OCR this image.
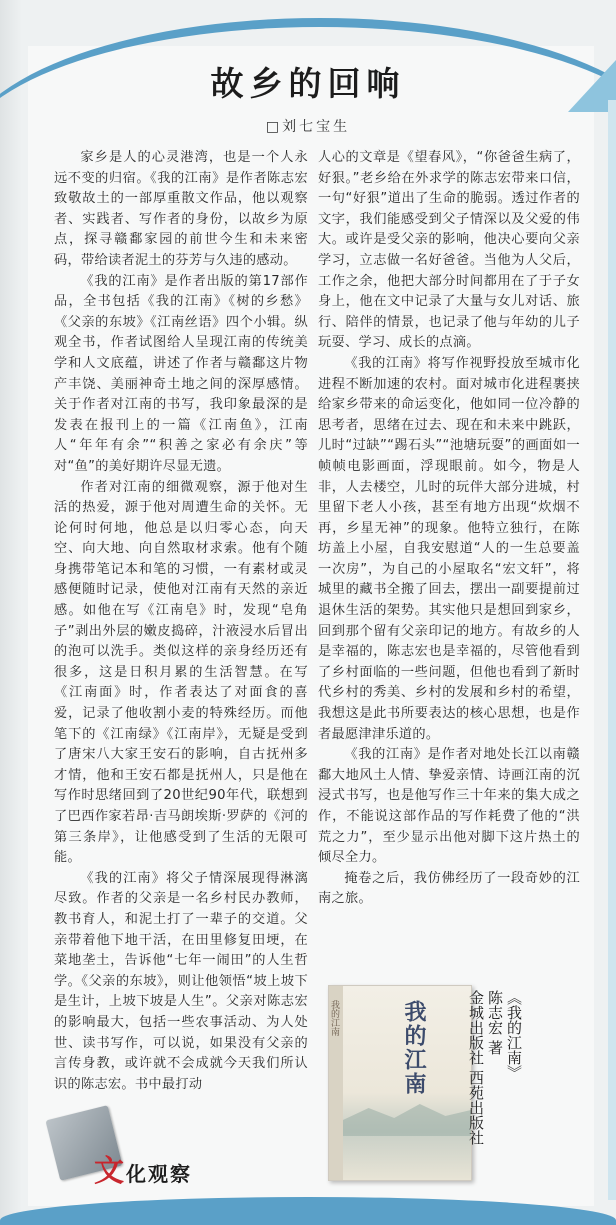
故乡的回响
□刘七宝生

家乡是人的心灵港湾，也是一个人永远不变的归宿。《我的江南》是作者陈志宏致敬故土的一部厚重散文作品，他以观察者、实践者、写作者的身份，以故乡为原点，探寻赣鄱家园的前世今生和未来密码，带给读者泥土的芬芳与久违的感动。

《我的江南》是作者出版的第17部作品，全书包括《我的江南》《树的乡愁》《父亲的东坡》《江南丝语》四个小辑。纵观全书，作者试图给人呈现江南的传统美学和人文底蕴，讲述了作者与赣鄱这片物产丰饶、美丽神奇土地之间的深厚感情。关于作者对江南的书写，我印象最深的是发表在报刊上的一篇《江南鱼》，江南人“年年有余”“积善之家必有余庆”等对“鱼”的美好期许尽显无遗。

作者对江南的细微观察，源于他对生活的热爱，源于他对周遭生命的关怀。无论何时何地，他总是以归零心态，向天空、向大地、向自然取材求索。他有个随身携带笔记本和笔的习惯，一有素材或灵感便随时记录，使他对江南有天然的亲近感。如他在写《江南皂》时，发现“皂角子”剥出外层的嫩皮捣碎，汁液浸水后冒出的泡可以洗手。类似这样的亲身经历还有很多，这是日积月累的生活智慧。在写《江南面》时，作者表达了对面食的喜爱，记录了他收割小麦的特殊经历。而他笔下的《江南绿》《江南岸》，无疑是受到了唐宋八大家王安石的影响，自古抚州多才情，他和王安石都是抚州人，只是他在写作时思绪回到了20世纪90年代，联想到了巴西作家若昂·吉马朗埃斯·罗萨的《河的第三条岸》，让他感受到了生活的无限可能。

《我的江南》将父子情深展现得淋漓尽致。作者的父亲是一名乡村民办教师，教书育人，和泥土打了一辈子的交道。父亲带着他下地干活，在田里修复田埂，在菜地垄土，告诉他“七年一闹田”的人生哲学。《父亲的东坡》，则让他领悟“坡上坡下是生计，上坡下坡是人生”。父亲对陈志宏的影响最大，包括一些农事活动、为人处世、读书写作，可以说，如果没有父亲的言传身教，或许就不会成就今天我们所认识的陈志宏。书中最打动

人心的文章是《望春风》，“你爸爸生病了，好狠。”老乡给在外求学的陈志宏带来口信，一句“好狠”道出了生命的脆弱。透过作者的文字，我们能感受到父子情深以及父爱的伟大。或许是受父亲的影响，他决心要向父亲学习，立志做一名好爸爸。当他为人父后，工作之余，他把大部分时间都用在了于子女身上，他在文中记录了大量与女儿对话、旅行、陪伴的情景，也记录了他与年幼的儿子玩耍、学习、成长的点滴。

《我的江南》将写作视野投放至城市化进程不断加速的农村。面对城市化进程裹挟给家乡带来的命运变化，他如同一位冷静的思考者，思绪在过去、现在和未来中跳跃，儿时“过缺”“踢石头”“池塘玩耍”的画面如一帧帧电影画面，浮现眼前。如今，物是人非，人去楼空，儿时的玩伴大部分进城，村里留下老人小孩，甚至有地方出现“炊烟不再，乡星无神”的现象。他特立独行，在陈坊盖上小屋，自我安慰道“人的一生总要盖一次房”，为自己的小屋取名“宏文轩”，将城里的藏书全搬了回去，摆出一副要提前过退休生活的架势。其实他只是想回到家乡，回到那个留有父亲印记的地方。有故乡的人是幸福的，陈志宏也是幸福的，尽管他看到了乡村面临的一些问题，但他也看到了新时代乡村的秀美、乡村的发展和乡村的希望，我想这是此书所要表达的核心思想，也是作者最愿津津乐道的。

《我的江南》是作者对地处长江以南赣鄱大地风土人情、挚爱亲情、诗画江南的沉浸式书写，也是他写作三十年来的集大成之作，不能说这部作品的写作耗费了他的“洪荒之力”，至少显示出他对脚下这片热土的倾尽全力。

掩卷之后，我仿佛经历了一段奇妙的江南之旅。

我的江南	我的江南	《我的江南》
陈志宏 著
金城出版社 西苑出版社
文化观察
